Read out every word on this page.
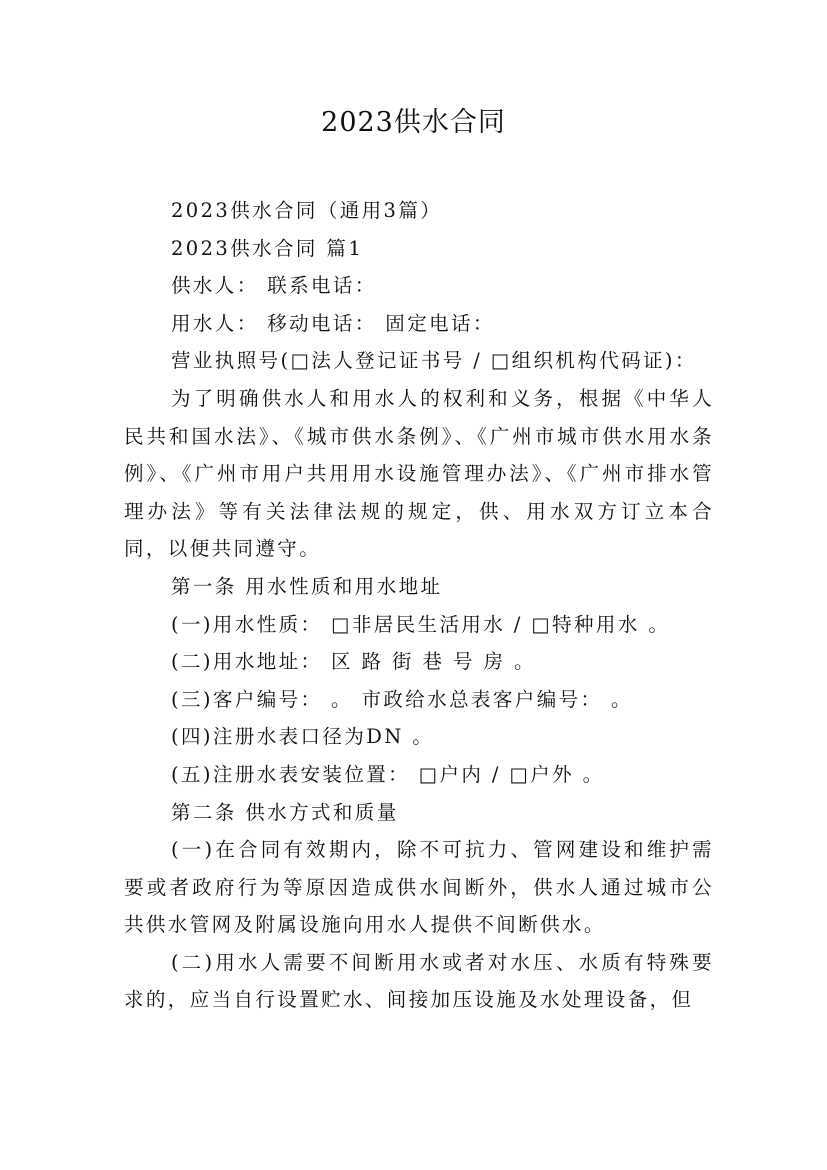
2023供水合同

2023供水合同（通用3篇）

2023供水合同 篇1

供水人： 联系电话：

用水人： 移动电话： 固定电话：

营业执照号(□法人登记证书号 / □组织机构代码证)：

为了明确供水人和用水人的权利和义务，根据《中华人民共和国水法》、《城市供水条例》、《广州市城市供水用水条例》、《广州市用户共用用水设施管理办法》、《广州市排水管理办法》等有关法律法规的规定，供、用水双方订立本合同，以便共同遵守。

第一条 用水性质和用水地址

(一)用水性质： □非居民生活用水 / □特种用水 。

(二)用水地址： 区 路 街 巷 号 房 。

(三)客户编号： 。 市政给水总表客户编号： 。

(四)注册水表口径为DN 。

(五)注册水表安装位置： □户内 / □户外 。

第二条 供水方式和质量

(一)在合同有效期内，除不可抗力、管网建设和维护需要或者政府行为等原因造成供水间断外，供水人通过城市公共供水管网及附属设施向用水人提供不间断供水。

(二)用水人需要不间断用水或者对水压、水质有特殊要求的，应当自行设置贮水、间接加压设施及水处理设备，但
